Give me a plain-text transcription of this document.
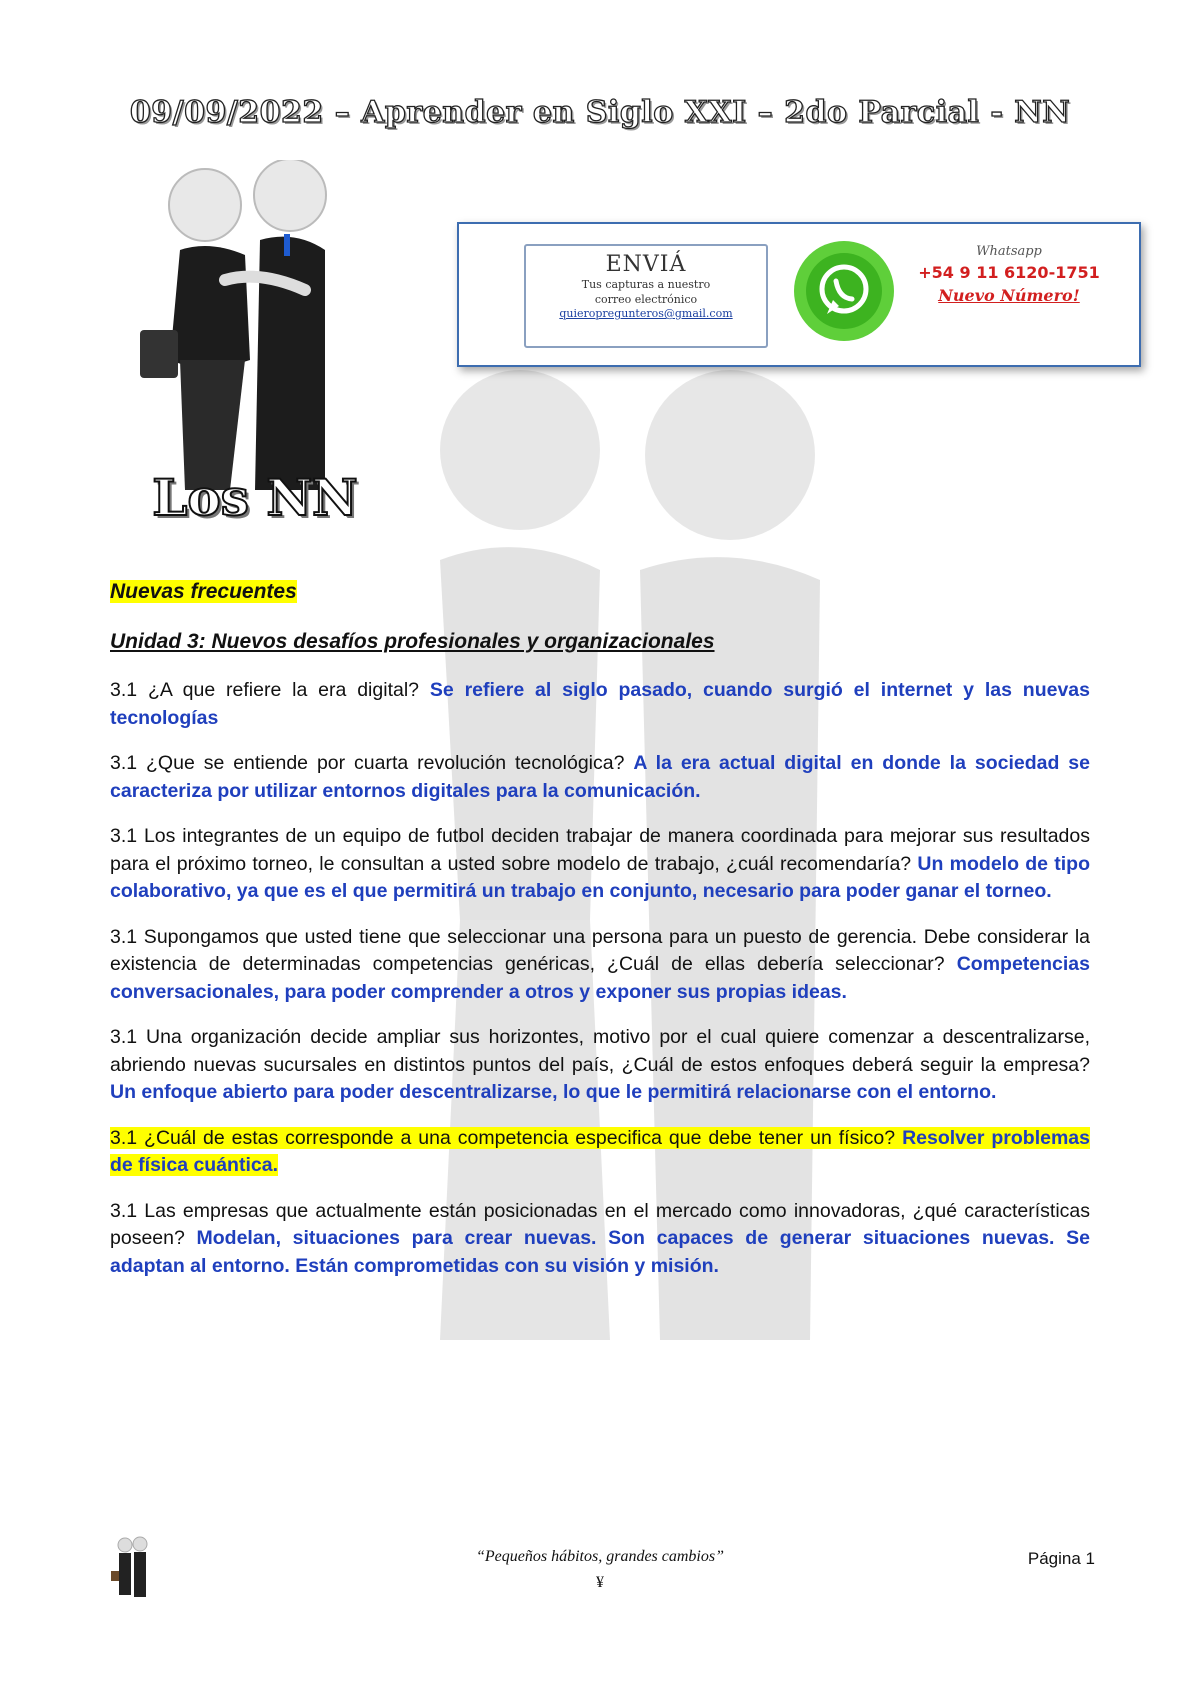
09/09/2022 – Aprender en Siglo XXI – 2do Parcial - NN
Los NN
ENVIÁ
Tus capturas a nuestro
correo electrónico
quieropregunteros@gmail.com
Whatsapp
+54 9 11 6120-1751
Nuevo Número!

Nuevas frecuentes

Unidad 3: Nuevos desafíos profesionales y organizacionales

3.1 ¿A que refiere la era digital? Se refiere al siglo pasado, cuando surgió el internet y las nuevas tecnologías

3.1 ¿Que se entiende por cuarta revolución tecnológica? A la era actual digital en donde la sociedad se caracteriza por utilizar entornos digitales para la comunicación.

3.1 Los integrantes de un equipo de futbol deciden trabajar de manera coordinada para mejorar sus resultados para el próximo torneo, le consultan a usted sobre modelo de trabajo, ¿cuál recomendaría? Un modelo de tipo colaborativo, ya que es el que permitirá un trabajo en conjunto, necesario para poder ganar el torneo.

3.1 Supongamos que usted tiene que seleccionar una persona para un puesto de gerencia. Debe considerar la existencia de determinadas competencias genéricas, ¿Cuál de ellas debería seleccionar? Competencias conversacionales, para poder comprender a otros y exponer sus propias ideas.

3.1 Una organización decide ampliar sus horizontes, motivo por el cual quiere comenzar a descentralizarse, abriendo nuevas sucursales en distintos puntos del país, ¿Cuál de estos enfoques deberá seguir la empresa? Un enfoque abierto para poder descentralizarse, lo que le permitirá relacionarse con el entorno.

3.1 ¿Cuál de estas corresponde a una competencia especifica que debe tener un físico? Resolver problemas de física cuántica.

3.1 Las empresas que actualmente están posicionadas en el mercado como innovadoras, ¿qué características poseen? Modelan, situaciones para crear nuevas. Son capaces de generar situaciones nuevas. Se adaptan al entorno. Están comprometidas con su visión y misión.

“Pequeños hábitos, grandes cambios”
¥
Página 1
